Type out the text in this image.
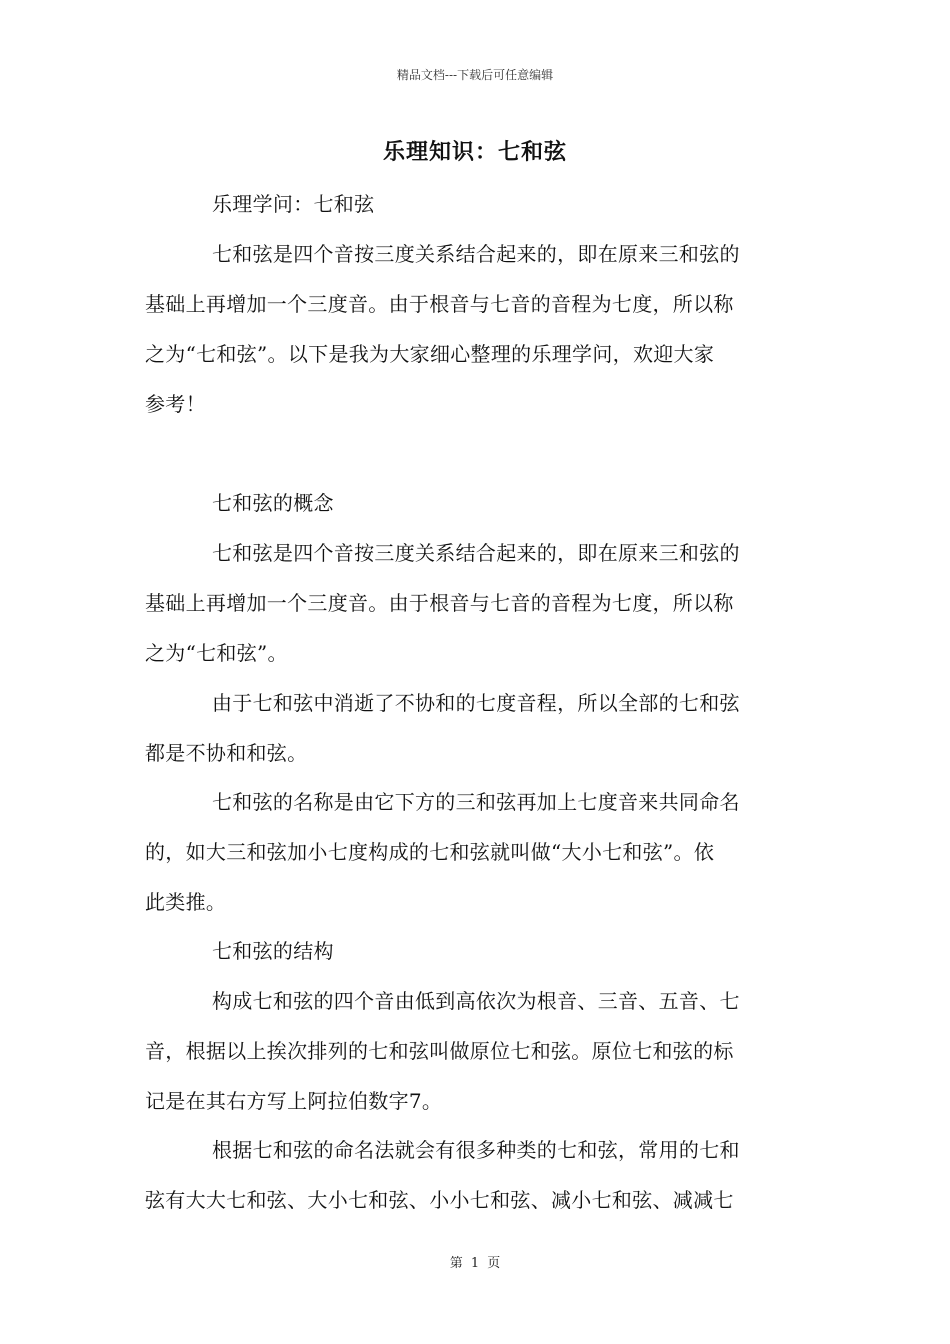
精品文档---下载后可任意编辑
乐理知识：七和弦
乐理学问：七和弦
七和弦是四个音按三度关系结合起来的，即在原来三和弦的
基础上再增加一个三度音。由于根音与七音的音程为七度，所以称
之为“七和弦”。以下是我为大家细心整理的乐理学问，欢迎大家
参考！
七和弦的概念
七和弦是四个音按三度关系结合起来的，即在原来三和弦的
基础上再增加一个三度音。由于根音与七音的音程为七度，所以称
之为“七和弦”。
由于七和弦中消逝了不协和的七度音程，所以全部的七和弦
都是不协和和弦。
七和弦的名称是由它下方的三和弦再加上七度音来共同命名
的，如大三和弦加小七度构成的七和弦就叫做“大小七和弦”。依
此类推。
七和弦的结构
构成七和弦的四个音由低到高依次为根音、三音、五音、七
音，根据以上挨次排列的七和弦叫做原位七和弦。原位七和弦的标
记是在其右方写上阿拉伯数字7。
根据七和弦的命名法就会有很多种类的七和弦，常用的七和
弦有大大七和弦、大小七和弦、小小七和弦、减小七和弦、减减七
第 1 页
